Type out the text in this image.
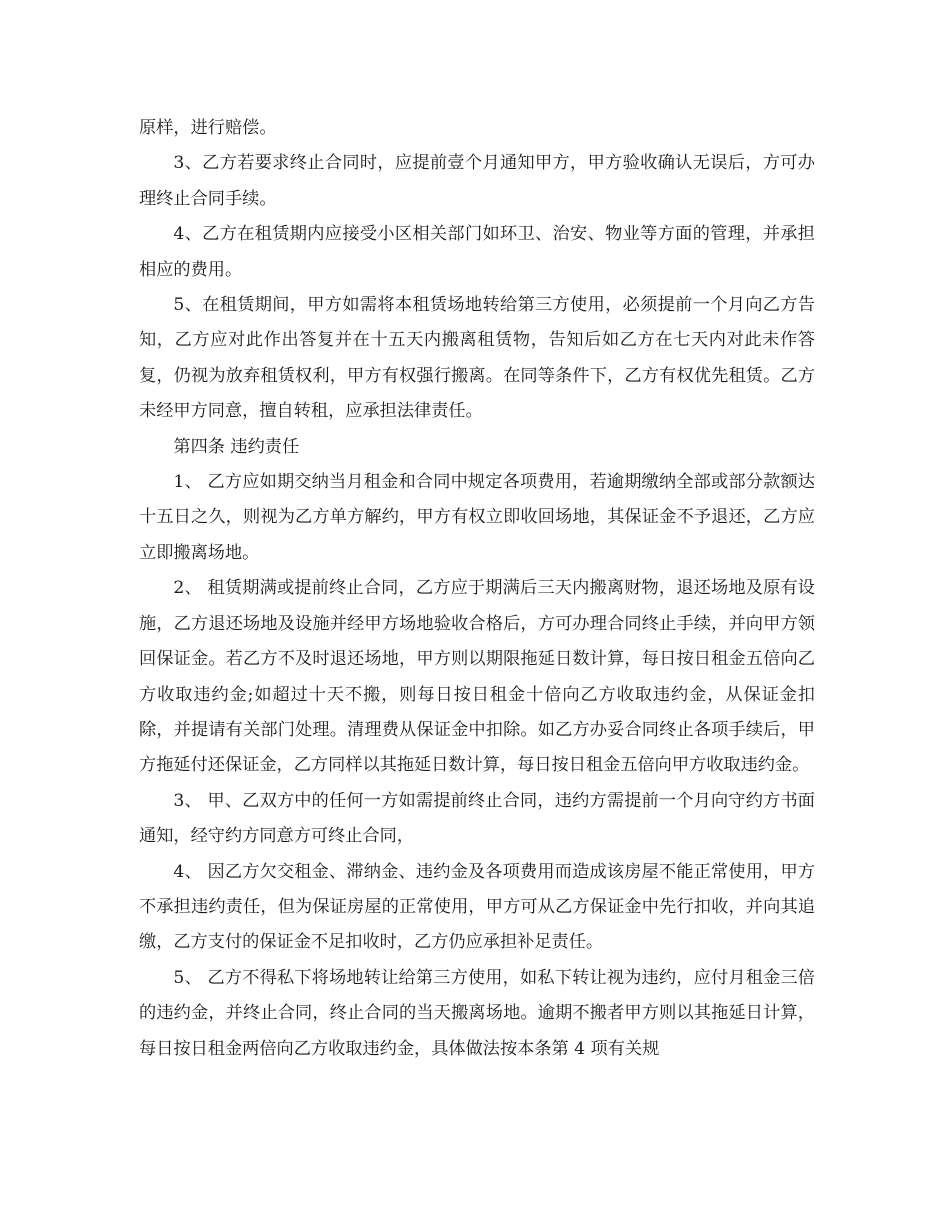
原样，进行赔偿。

3、乙方若要求终止合同时，应提前壹个月通知甲方，甲方验收确认无误后，方可办理终止合同手续。

4、乙方在租赁期内应接受小区相关部门如环卫、治安、物业等方面的管理，并承担相应的费用。

5、在租赁期间，甲方如需将本租赁场地转给第三方使用，必须提前一个月向乙方告知，乙方应对此作出答复并在十五天内搬离租赁物，告知后如乙方在七天内对此未作答复，仍视为放弃租赁权利，甲方有权强行搬离。在同等条件下，乙方有权优先租赁。乙方未经甲方同意，擅自转租，应承担法律责任。

第四条 违约责任

1、 乙方应如期交纳当月租金和合同中规定各项费用，若逾期缴纳全部或部分款额达十五日之久，则视为乙方单方解约，甲方有权立即收回场地，其保证金不予退还，乙方应立即搬离场地。

2、 租赁期满或提前终止合同，乙方应于期满后三天内搬离财物，退还场地及原有设施，乙方退还场地及设施并经甲方场地验收合格后，方可办理合同终止手续，并向甲方领回保证金。若乙方不及时退还场地，甲方则以期限拖延日数计算，每日按日租金五倍向乙方收取违约金;如超过十天不搬，则每日按日租金十倍向乙方收取违约金，从保证金扣除，并提请有关部门处理。清理费从保证金中扣除。如乙方办妥合同终止各项手续后，甲方拖延付还保证金，乙方同样以其拖延日数计算，每日按日租金五倍向甲方收取违约金。

3、 甲、乙双方中的任何一方如需提前终止合同，违约方需提前一个月向守约方书面通知，经守约方同意方可终止合同，

4、 因乙方欠交租金、滞纳金、违约金及各项费用而造成该房屋不能正常使用，甲方不承担违约责任，但为保证房屋的正常使用，甲方可从乙方保证金中先行扣收，并向其追缴，乙方支付的保证金不足扣收时，乙方仍应承担补足责任。

5、 乙方不得私下将场地转让给第三方使用，如私下转让视为违约，应付月租金三倍的违约金，并终止合同，终止合同的当天搬离场地。逾期不搬者甲方则以其拖延日计算，每日按日租金两倍向乙方收取违约金，具体做法按本条第 4 项有关规
